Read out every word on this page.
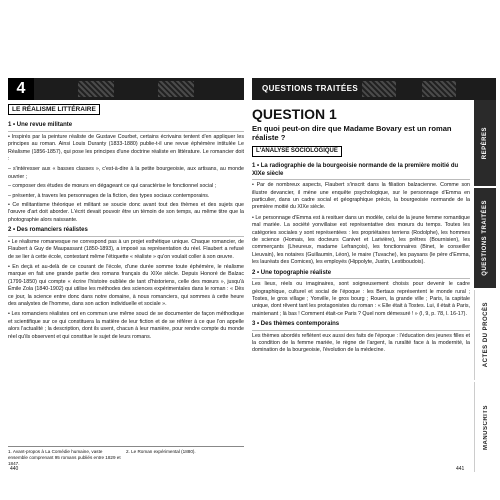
4	QUESTIONS TRAITÉES
LE RÉALISME LITTÉRAIRE
1 • Une revue militante

• Inspirés par la peinture réaliste de Gustave Courbet, certains écrivains tentent d'en appliquer les principes au roman. Ainsi Louis Duranty (1833-1880) publie-t-il une revue éphémère intitulée Le Réalisme (1856-1857), qui pose les principes d'une doctrine réaliste en littérature. Le romancier doit :

– s'intéresser aux « basses classes », c'est-à-dire à la petite bourgeoisie, aux artisans, au monde ouvrier ;

– composer des études de mœurs en dégageant ce qui caractérise le fonctionnel social ;

– présenter, à travers les personnages de la fiction, des types sociaux contemporains.

• Ce militantisme théorique et militant se soucie donc avant tout des thèmes et des sujets que l'œuvre d'art doit aborder. L'écrit devait pouvoir être un témoin de son temps, au même titre que la photographie alors naissante.

2 • Des romanciers réalistes

• Le réalisme romanesque ne correspond pas à un projet esthétique unique. Chaque romancier, de Flaubert à Guy de Maupassant (1850-1893), a imposé sa représentation du réel. Flaubert a refusé de se lier à cette école, contestant même l'étiquette « réaliste » qu'on voulait coller à son œuvre.

• En deçà et au-delà de ce courant de l'école, d'une durée somme toute éphémère, le réalisme marque en fait une grande partie des romans français du XIXe siècle. Depuis Honoré de Balzac (1799-1850) qui compte « écrire l'histoire oubliée de tant d'historiens, celle des mœurs », jusqu'à Émile Zola (1840-1902) qui utilise les méthodes des sciences expérimentales dans le roman : « Dès ce jour, la science entre donc dans notre domaine, à nous romanciers, qui sommes à cette heure des analystes de l'homme, dans son action individuelle et sociale ».

• Les romanciers réalistes ont en commun une même souci de se documenter de façon méthodique et scientifique sur ce qui constituera la matière de leur fiction et de se référer à ce que l'on appelle alors l'actualité ; la description, dont ils usent, chacun à leur manière, pour rendre compte du monde réel qu'ils observent et qui constitue le sujet de leurs romans.

1. Avant-propos à La Comédie humaine, vaste ensemble comprenant 95 romans publiés entre 1829 et 1847.
2. Le Roman expérimental (1880).
QUESTION 1
En quoi peut-on dire que Madame Bovary est un roman réaliste ?
L'ANALYSE SOCIOLOGIQUE
1 • La radiographie de la bourgeoisie normande de la première moitié du XIXe siècle

• Par de nombreux aspects, Flaubert s'inscrit dans la filiation balzacienne. Comme son illustre devancier, il mène une enquête psychologique, sur le personnage d'Emma en particulier, dans un cadre social et géographique précis, la bourgeoisie normande de la première moitié du XIXe siècle.

• Le personnage d'Emma est à resituer dans un modèle, celui de la jeune femme romantique mal mariée. La société yonvillaise est représentative des mœurs du temps. Toutes les catégories sociales y sont représentées : les propriétaires terriens (Rodolphe), les hommes de science (Homais, les docteurs Canivet et Larivière), les prêtres (Bournisien), les commerçants (Lheureux, madame Lefrançois), les fonctionnaires (Binet, le conseiller Lieuvain), les notaires (Guillaumin, Léon), le maire (Tuvache), les paysans (le père d'Emma, les lauréats des Comices), les employés (Hippolyte, Justin, Lestiboudois).

2 • Une topographie réaliste

Les lieux, réels ou imaginaires, sont soigneusement choisis pour devenir le cadre géographique, culturel et social de l'époque : les Bertaux représentent le monde rural ; Tostes, le gros village ; Yonville, le gros bourg ; Rouen, la grande ville ; Paris, la capitale unique, dont rêvent tant les protagonistes du roman : « Elle était à Tostes. Lui, il était à Paris, maintenant ; là bas ! Comment était-ce Paris ? Quel nom démesuré ! » (I, 9, p. 78, l. 16-17).

3 • Des thèmes contemporains

Les thèmes abordés reflètent eux aussi des faits de l'époque : l'éducation des jeunes filles et la condition de la femme mariée, le règne de l'argent, la ruralité face à la modernité, la domination de la bourgeoisie, l'évolution de la médecine.

440	441
REPÈRES
QUESTIONS TRAITÉES
ACTES DU PROCÈS
MANUSCRITS
